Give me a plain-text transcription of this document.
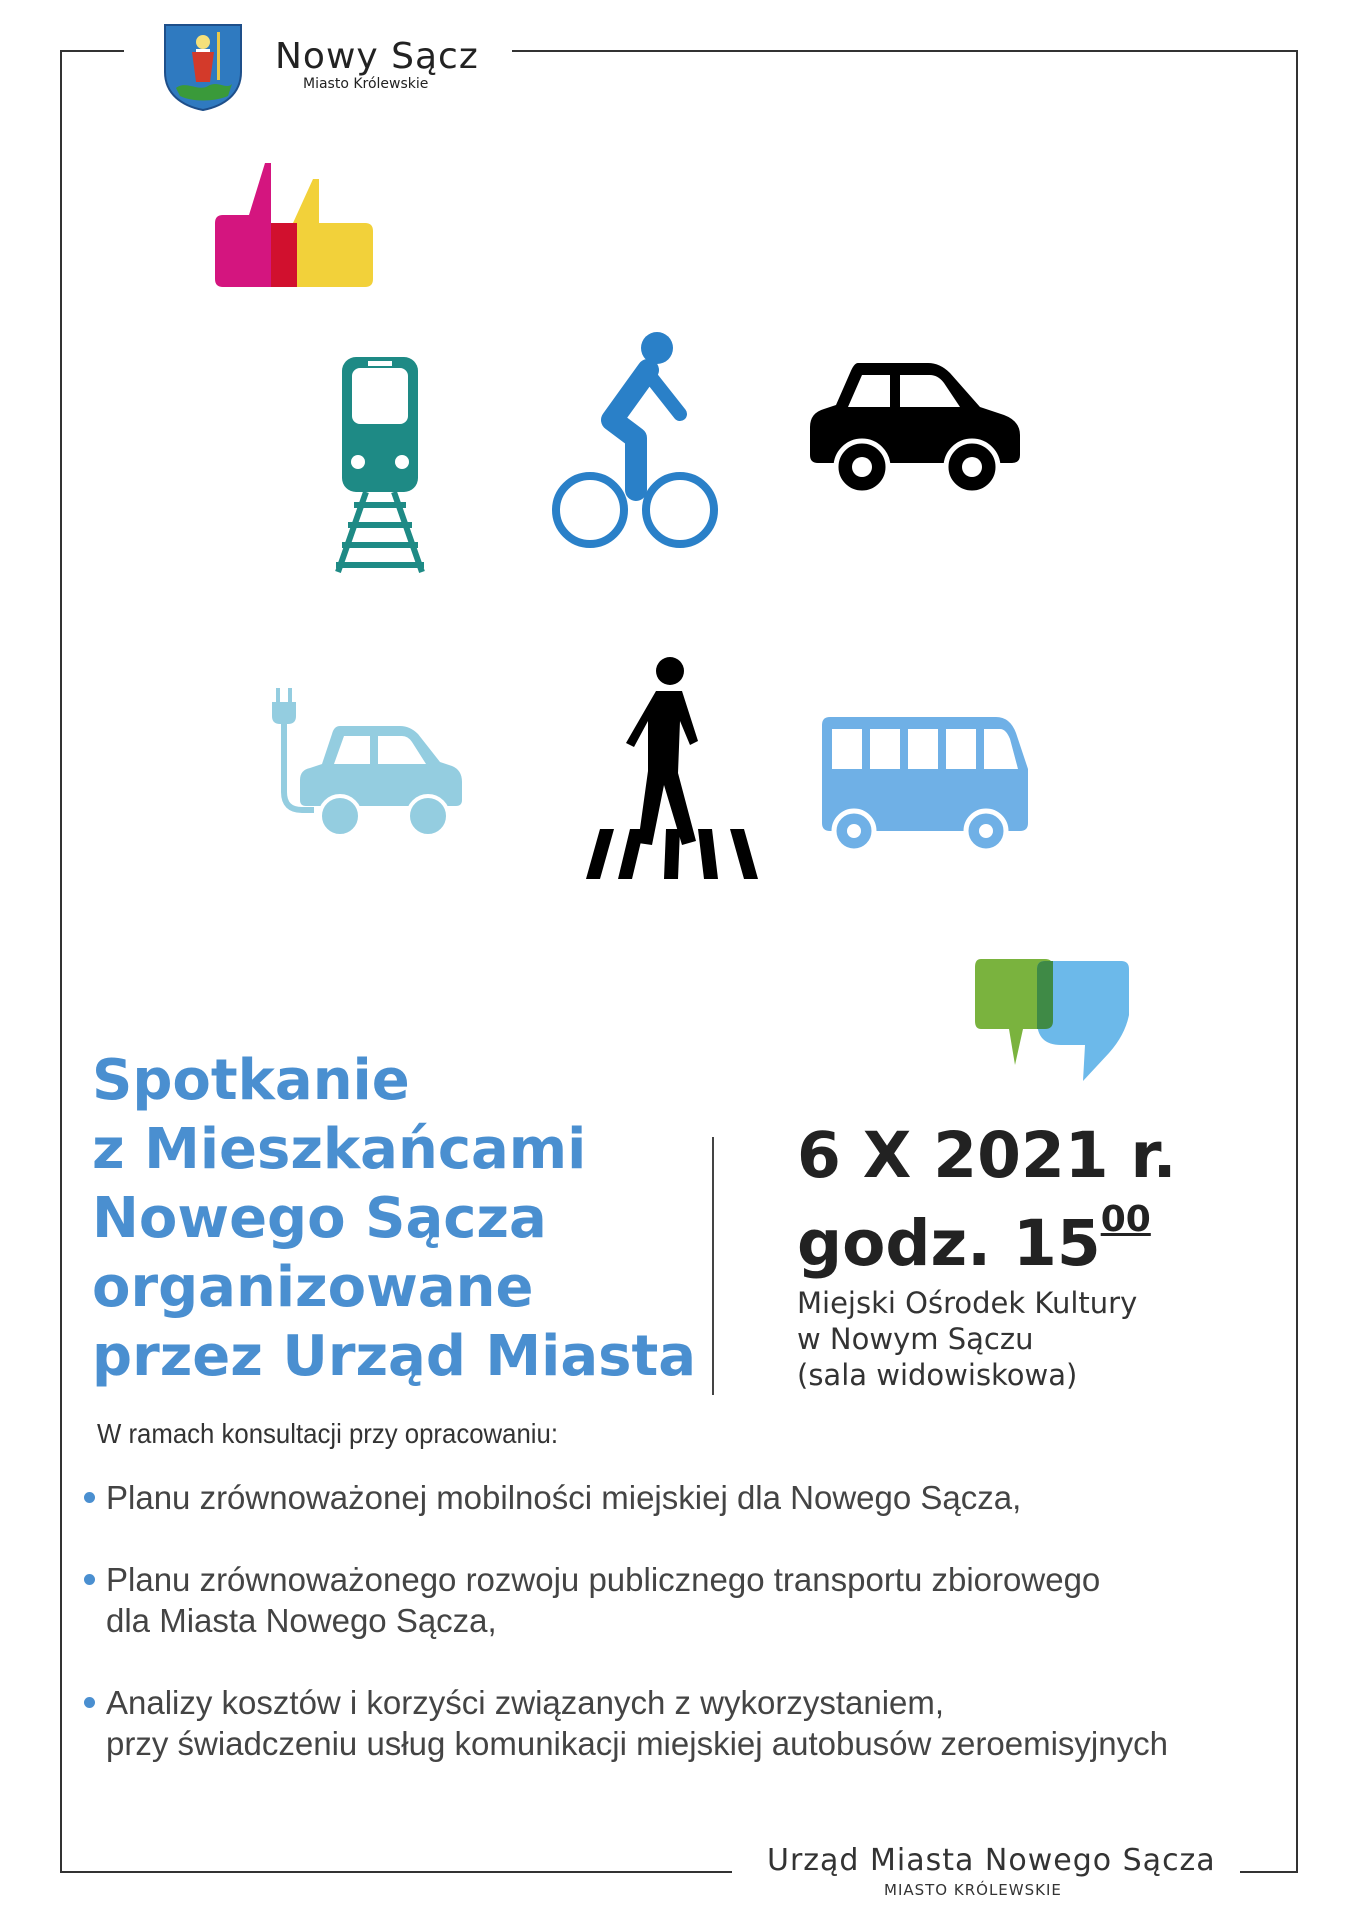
Nowy Sącz
Miasto Królewskie
Spotkanie
z Mieszkańcami
Nowego Sącza
organizowane
przez Urząd Miasta
6 X 2021 r.
godz. $15^{00}$
Miejski Ośrodek Kultury
w Nowym Sączu
(sala widowiskowa)
W ramach konsultacji przy opracowaniu:
Planu zrównoważonej mobilności miejskiej dla Nowego Sącza,
Planu zrównoważonego rozwoju publicznego transportu zbiorowego
dla Miasta Nowego Sącza,
Analizy kosztów i korzyści związanych z wykorzystaniem,
przy świadczeniu usług komunikacji miejskiej autobusów zeroemisyjnych
Urząd Miasta Nowego Sącza
MIASTO KRÓLEWSKIE
